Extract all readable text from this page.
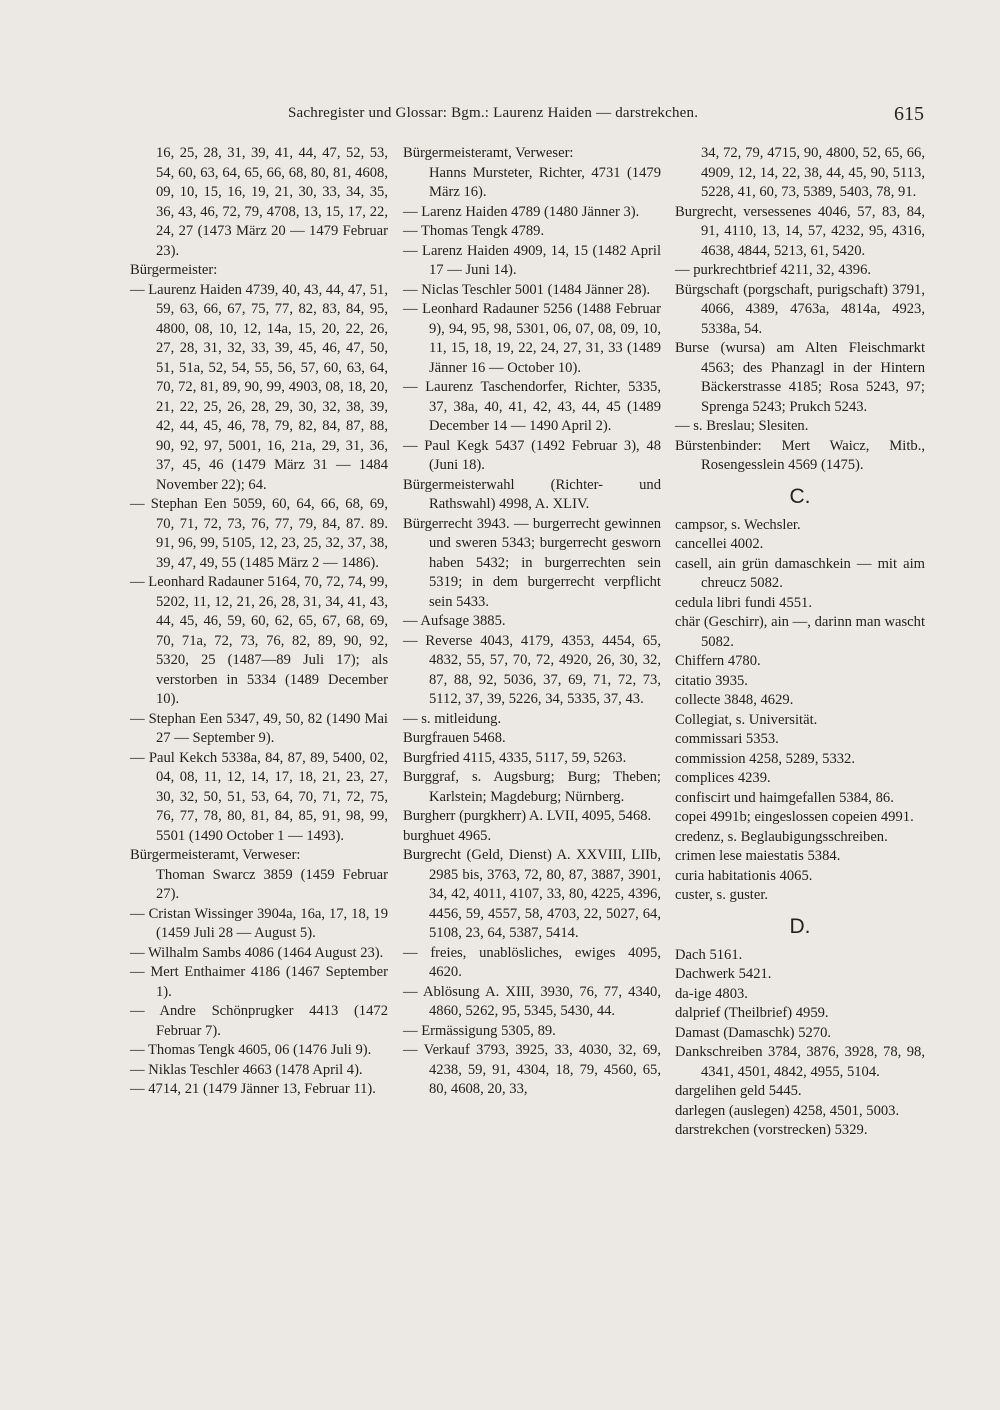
Sachregister und Glossar: Bgm.: Laurenz Haiden — darstrekchen.	615

16, 25, 28, 31, 39, 41, 44, 47, 52, 53, 54, 60, 63, 64, 65, 66, 68, 80, 81, 4608, 09, 10, 15, 16, 19, 21, 30, 33, 34, 35, 36, 43, 46, 72, 79, 4708, 13, 15, 17, 22, 24, 27 (1473 März 20 — 1479 Februar 23).

Bürgermeister:

— Laurenz Haiden 4739, 40, 43, 44, 47, 51, 59, 63, 66, 67, 75, 77, 82, 83, 84, 95, 4800, 08, 10, 12, 14a, 15, 20, 22, 26, 27, 28, 31, 32, 33, 39, 45, 46, 47, 50, 51, 51a, 52, 54, 55, 56, 57, 60, 63, 64, 70, 72, 81, 89, 90, 99, 4903, 08, 18, 20, 21, 22, 25, 26, 28, 29, 30, 32, 38, 39, 42, 44, 45, 46, 78, 79, 82, 84, 87, 88, 90, 92, 97, 5001, 16, 21a, 29, 31, 36, 37, 45, 46 (1479 März 31 — 1484 November 22); 64.

— Stephan Een 5059, 60, 64, 66, 68, 69, 70, 71, 72, 73, 76, 77, 79, 84, 87. 89. 91, 96, 99, 5105, 12, 23, 25, 32, 37, 38, 39, 47, 49, 55 (1485 März 2 — 1486).

— Leonhard Radauner 5164, 70, 72, 74, 99, 5202, 11, 12, 21, 26, 28, 31, 34, 41, 43, 44, 45, 46, 59, 60, 62, 65, 67, 68, 69, 70, 71a, 72, 73, 76, 82, 89, 90, 92, 5320, 25 (1487—89 Juli 17); als verstorben in 5334 (1489 December 10).

— Stephan Een 5347, 49, 50, 82 (1490 Mai 27 — September 9).

— Paul Kekch 5338a, 84, 87, 89, 5400, 02, 04, 08, 11, 12, 14, 17, 18, 21, 23, 27, 30, 32, 50, 51, 53, 64, 70, 71, 72, 75, 76, 77, 78, 80, 81, 84, 85, 91, 98, 99, 5501 (1490 October 1 — 1493).

Bürgermeisteramt, Verweser:

Thoman Swarcz 3859 (1459 Februar 27).

— Cristan Wissinger 3904a, 16a, 17, 18, 19 (1459 Juli 28 — August 5).

— Wilhalm Sambs 4086 (1464 August 23).

— Mert Enthaimer 4186 (1467 September 1).

— Andre Schönprugker 4413 (1472 Februar 7).

— Thomas Tengk 4605, 06 (1476 Juli 9).

— Niklas Teschler 4663 (1478 April 4).

— 4714, 21 (1479 Jänner 13, Februar 11).

Bürgermeisteramt, Verweser:

Hanns Mursteter, Richter, 4731 (1479 März 16).

— Larenz Haiden 4789 (1480 Jänner 3).

— Thomas Tengk 4789.

— Larenz Haiden 4909, 14, 15 (1482 April 17 — Juni 14).

— Niclas Teschler 5001 (1484 Jänner 28).

— Leonhard Radauner 5256 (1488 Februar 9), 94, 95, 98, 5301, 06, 07, 08, 09, 10, 11, 15, 18, 19, 22, 24, 27, 31, 33 (1489 Jänner 16 — October 10).

— Laurenz Taschendorfer, Richter, 5335, 37, 38a, 40, 41, 42, 43, 44, 45 (1489 December 14 — 1490 April 2).

— Paul Kegk 5437 (1492 Februar 3), 48 (Juni 18).

Bürgermeisterwahl (Richter- und Rathswahl) 4998, A. XLIV.

Bürgerrecht 3943. — burgerrecht gewinnen und sweren 5343; burgerrecht gesworn haben 5432; in burgerrechten sein 5319; in dem burgerrecht verpflicht sein 5433.

— Aufsage 3885.

— Reverse 4043, 4179, 4353, 4454, 65, 4832, 55, 57, 70, 72, 4920, 26, 30, 32, 87, 88, 92, 5036, 37, 69, 71, 72, 73, 5112, 37, 39, 5226, 34, 5335, 37, 43.

— s. mitleidung.

Burgfrauen 5468.

Burgfried 4115, 4335, 5117, 59, 5263.

Burggraf, s. Augsburg; Burg; Theben; Karlstein; Magdeburg; Nürnberg.

Burgherr (purgkherr) A. LVII, 4095, 5468.

burghuet 4965.

Burgrecht (Geld, Dienst) A. XXVIII, LIIb, 2985 bis, 3763, 72, 80, 87, 3887, 3901, 34, 42, 4011, 4107, 33, 80, 4225, 4396, 4456, 59, 4557, 58, 4703, 22, 5027, 64, 5108, 23, 64, 5387, 5414.

— freies, unablösliches, ewiges 4095, 4620.

— Ablösung A. XIII, 3930, 76, 77, 4340, 4860, 5262, 95, 5345, 5430, 44.

— Ermässigung 5305, 89.

— Verkauf 3793, 3925, 33, 4030, 32, 69, 4238, 59, 91, 4304, 18, 79, 4560, 65, 80, 4608, 20, 33,

34, 72, 79, 4715, 90, 4800, 52, 65, 66, 4909, 12, 14, 22, 38, 44, 45, 90, 5113, 5228, 41, 60, 73, 5389, 5403, 78, 91.

Burgrecht, versessenes 4046, 57, 83, 84, 91, 4110, 13, 14, 57, 4232, 95, 4316, 4638, 4844, 5213, 61, 5420.

— purkrechtbrief 4211, 32, 4396.

Bürgschaft (porgschaft, purigschaft) 3791, 4066, 4389, 4763a, 4814a, 4923, 5338a, 54.

Burse (wursa) am Alten Fleischmarkt 4563; des Phanzagl in der Hintern Bäckerstrasse 4185; Rosa 5243, 97; Sprenga 5243; Prukch 5243.

— s. Breslau; Slesiten.

Bürstenbinder: Mert Waicz, Mitb., Rosengesslein 4569 (1475).

C.

campsor, s. Wechsler.

cancellei 4002.

casell, ain grün damaschkein — mit aim chreucz 5082.

cedula libri fundi 4551.

chär (Geschirr), ain —, darinn man wascht 5082.

Chiffern 4780.

citatio 3935.

collecte 3848, 4629.

Collegiat, s. Universität.

commissari 5353.

commission 4258, 5289, 5332.

complices 4239.

confiscirt und haimgefallen 5384, 86.

copei 4991b; eingeslossen copeien 4991.

credenz, s. Beglaubigungsschreiben.

crimen lese maiestatis 5384.

curia habitationis 4065.

custer, s. guster.

D.

Dach 5161.

Dachwerk 5421.

da-ige 4803.

dalprief (Theilbrief) 4959.

Damast (Damaschk) 5270.

Dankschreiben 3784, 3876, 3928, 78, 98, 4341, 4501, 4842, 4955, 5104.

dargelihen geld 5445.

darlegen (auslegen) 4258, 4501, 5003.

darstrekchen (vorstrecken) 5329.
